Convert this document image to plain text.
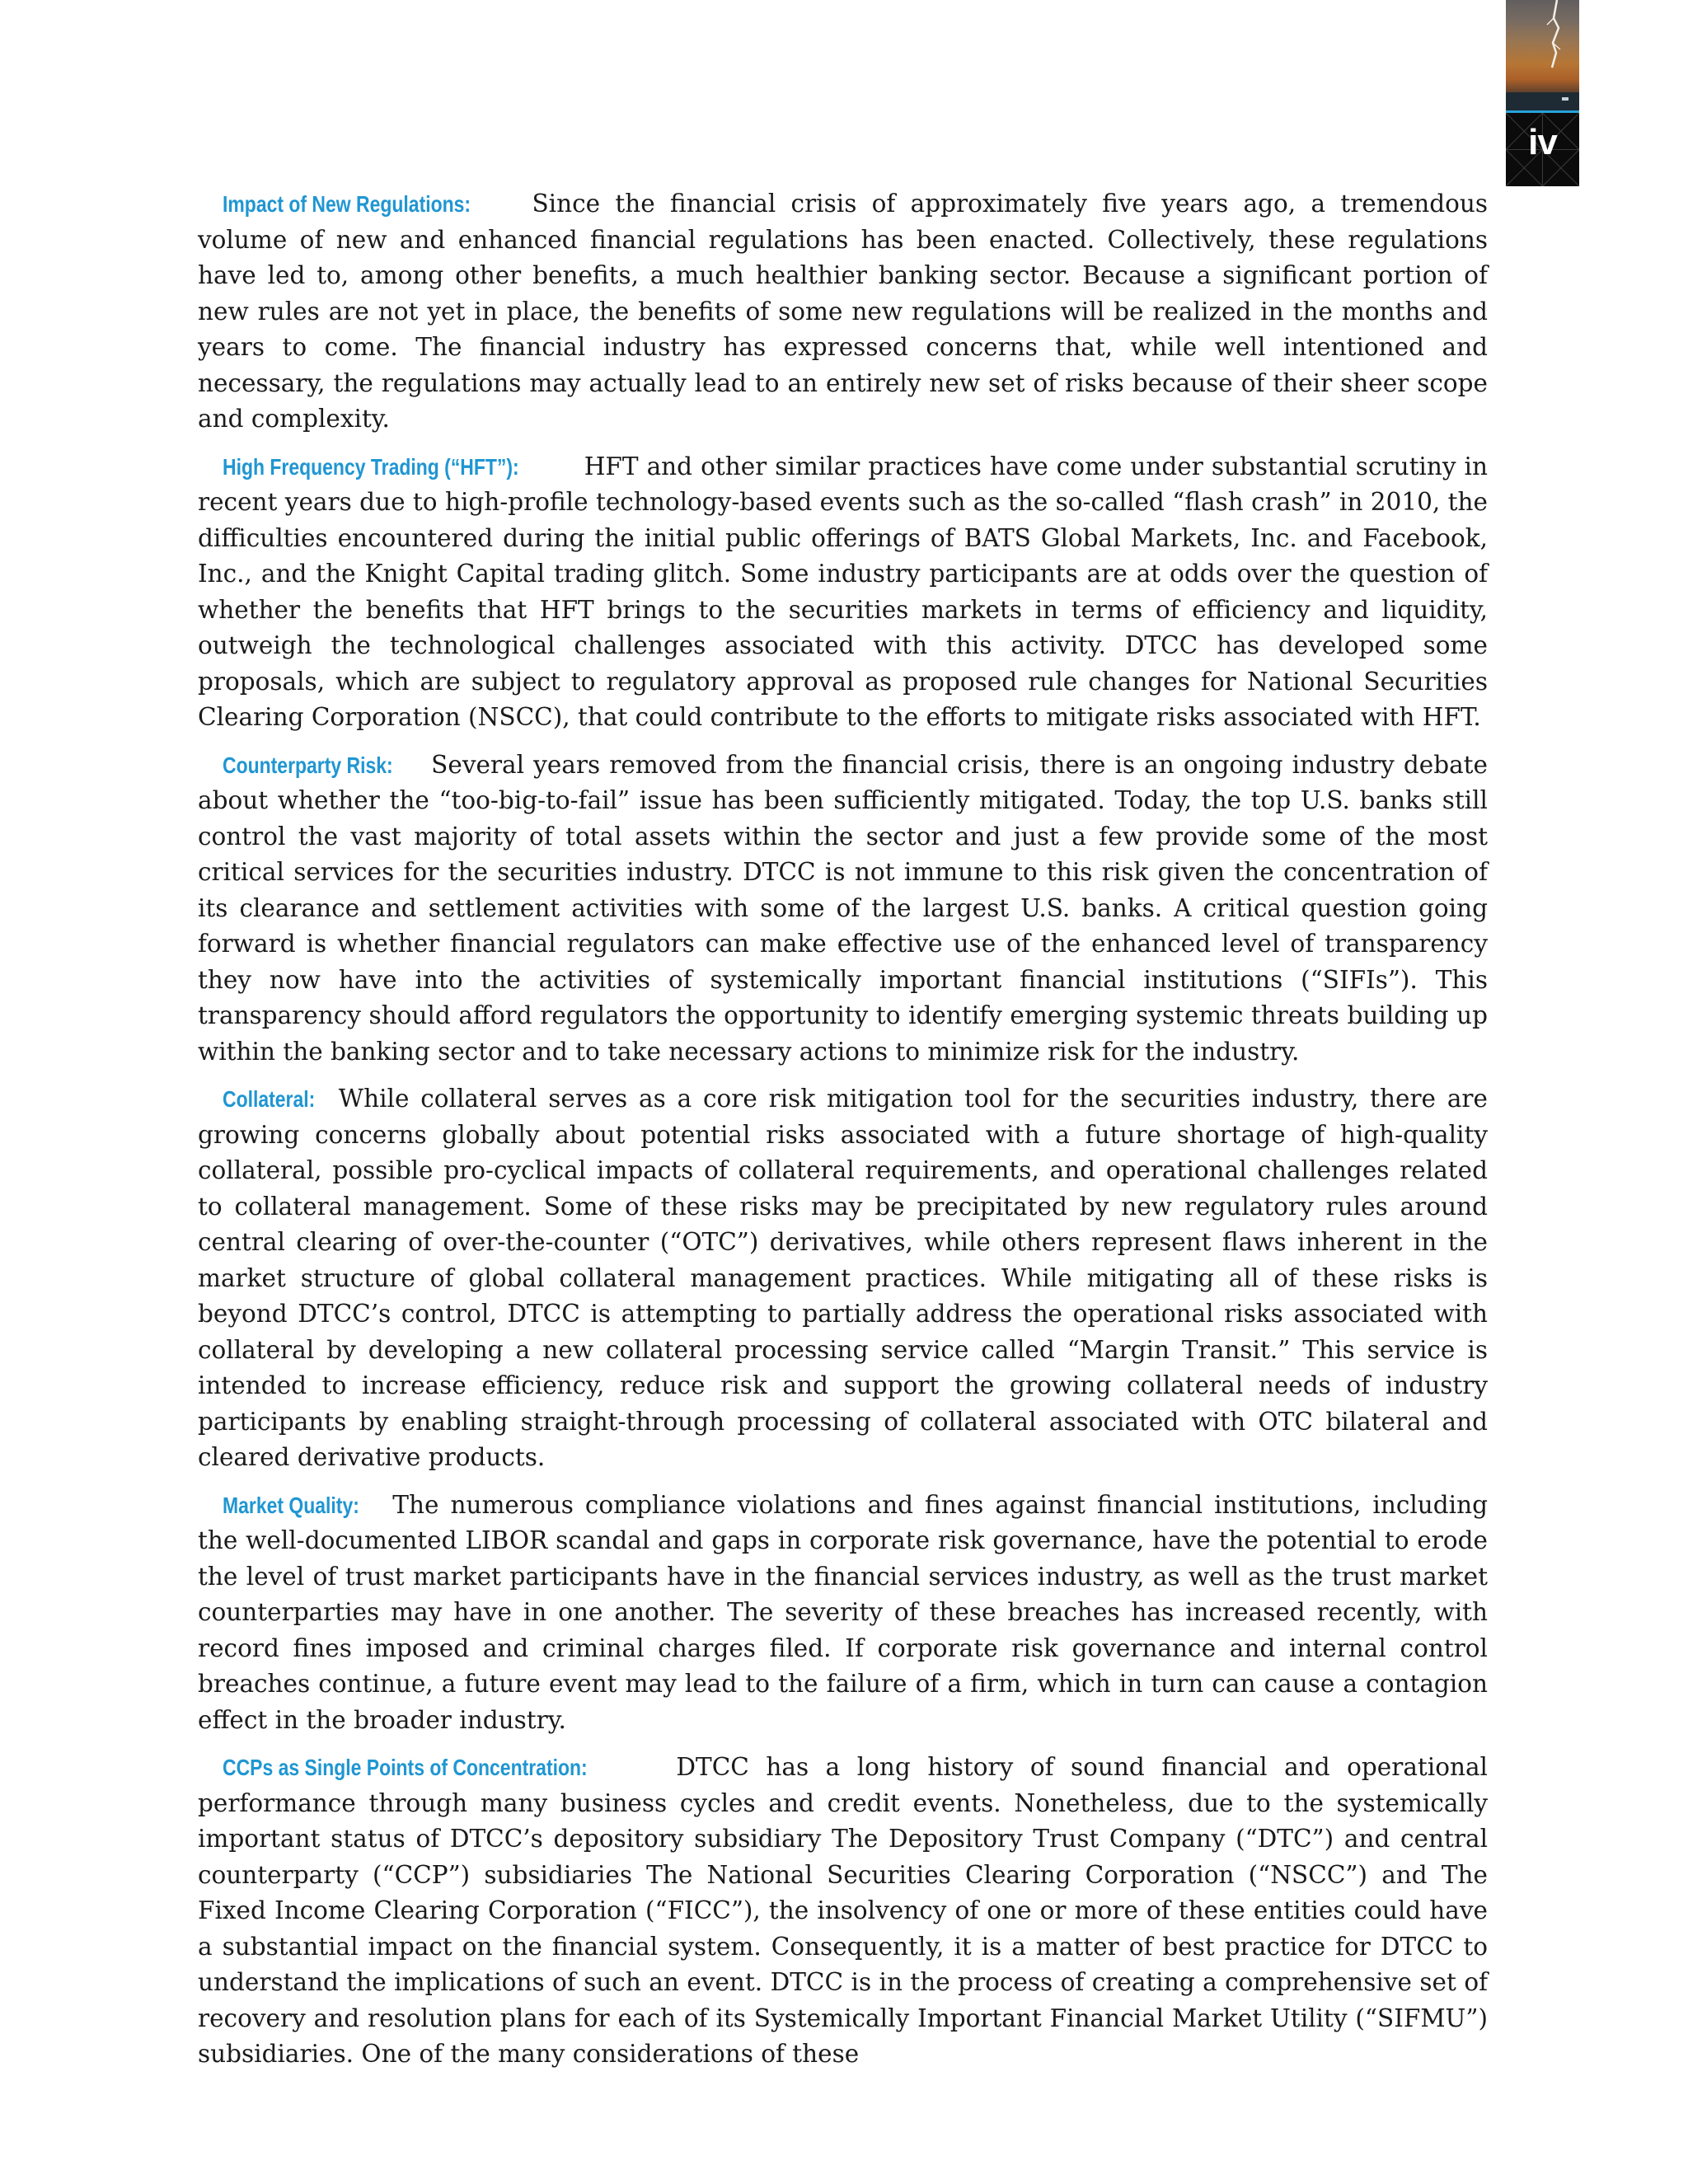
iv

Impact of New Regulations:	Since the financial crisis of approximately five years ago, a tremendous volume of new and enhanced financial regulations has been enacted. Collectively, these regulations have led to, among other benefits, a much healthier banking sector. Because a significant portion of new rules are not yet in place, the benefits of some new regulations will be realized in the months and years to come. The financial industry has expressed concerns that, while well intentioned and necessary, the regulations may actually lead to an entirely new set of risks because of their sheer scope and complexity.

High Frequency Trading (“HFT”):	HFT and other similar practices have come under substantial scrutiny in recent years due to high-profile technology-based events such as the so-called “flash crash” in 2010, the difficulties encountered during the initial public offerings of BATS Global Markets, Inc. and Facebook, Inc., and the Knight Capital trading glitch. Some industry participants are at odds over the question of whether the benefits that HFT brings to the securities markets in terms of efficiency and liquidity, outweigh the technological challenges associated with this activity. DTCC has developed some proposals, which are subject to regulatory approval as proposed rule changes for National Securities Clearing Corporation (NSCC), that could contribute to the efforts to mitigate risks associated with HFT.

Counterparty Risk: Several years removed from the financial crisis, there is an ongoing industry debate about whether the “too-big-to-fail” issue has been sufficiently mitigated. Today, the top U.S. banks still control the vast majority of total assets within the sector and just a few provide some of the most critical services for the securities industry. DTCC is not immune to this risk given the concentration of its clearance and settlement activities with some of the largest U.S. banks. A critical question going forward is whether financial regulators can make effective use of the enhanced level of transparency they now have into the activities of systemically important financial institutions (“SIFIs”). This transparency should afford regulators the opportunity to identify emerging systemic threats building up within the banking sector and to take necessary actions to minimize risk for the industry.

Collateral: While collateral serves as a core risk mitigation tool for the securities industry, there are growing concerns globally about potential risks associated with a future shortage of high-quality collateral, possible pro-cyclical impacts of collateral requirements, and operational challenges related to collateral management. Some of these risks may be precipitated by new regulatory rules around central clearing of over-the-counter (“OTC”) derivatives, while others represent flaws inherent in the market structure of global collateral management practices. While mitigating all of these risks is beyond DTCC’s control, DTCC is attempting to partially address the operational risks associated with collateral by developing a new collateral processing service called “Margin Transit.” This service is intended to increase efficiency, reduce risk and support the growing collateral needs of industry participants by enabling straight-through processing of collateral associated with OTC bilateral and cleared derivative products.

Market Quality: The numerous compliance violations and fines against financial institutions, including the well-documented LIBOR scandal and gaps in corporate risk governance, have the potential to erode the level of trust market participants have in the financial services industry, as well as the trust market counterparties may have in one another. The severity of these breaches has increased recently, with record fines imposed and criminal charges filed. If corporate risk governance and internal control breaches continue, a future event may lead to the failure of a firm, which in turn can cause a contagion effect in the broader industry.

CCPs as Single Points of Concentration:	DTCC has a long history of sound financial and operational performance through many business cycles and credit events. Nonetheless, due to the systemically important status of DTCC’s depository subsidiary The Depository Trust Company (“DTC”) and central counterparty (“CCP”) subsidiaries The National Securities Clearing Corporation (“NSCC”) and The Fixed Income Clearing Corporation (“FICC”), the insolvency of one or more of these entities could have a substantial impact on the financial system. Consequently, it is a matter of best practice for DTCC to understand the implications of such an event. DTCC is in the process of creating a comprehensive set of recovery and resolution plans for each of its Systemically Important Financial Market Utility (“SIFMU”) subsidiaries. One of the many considerations of these
